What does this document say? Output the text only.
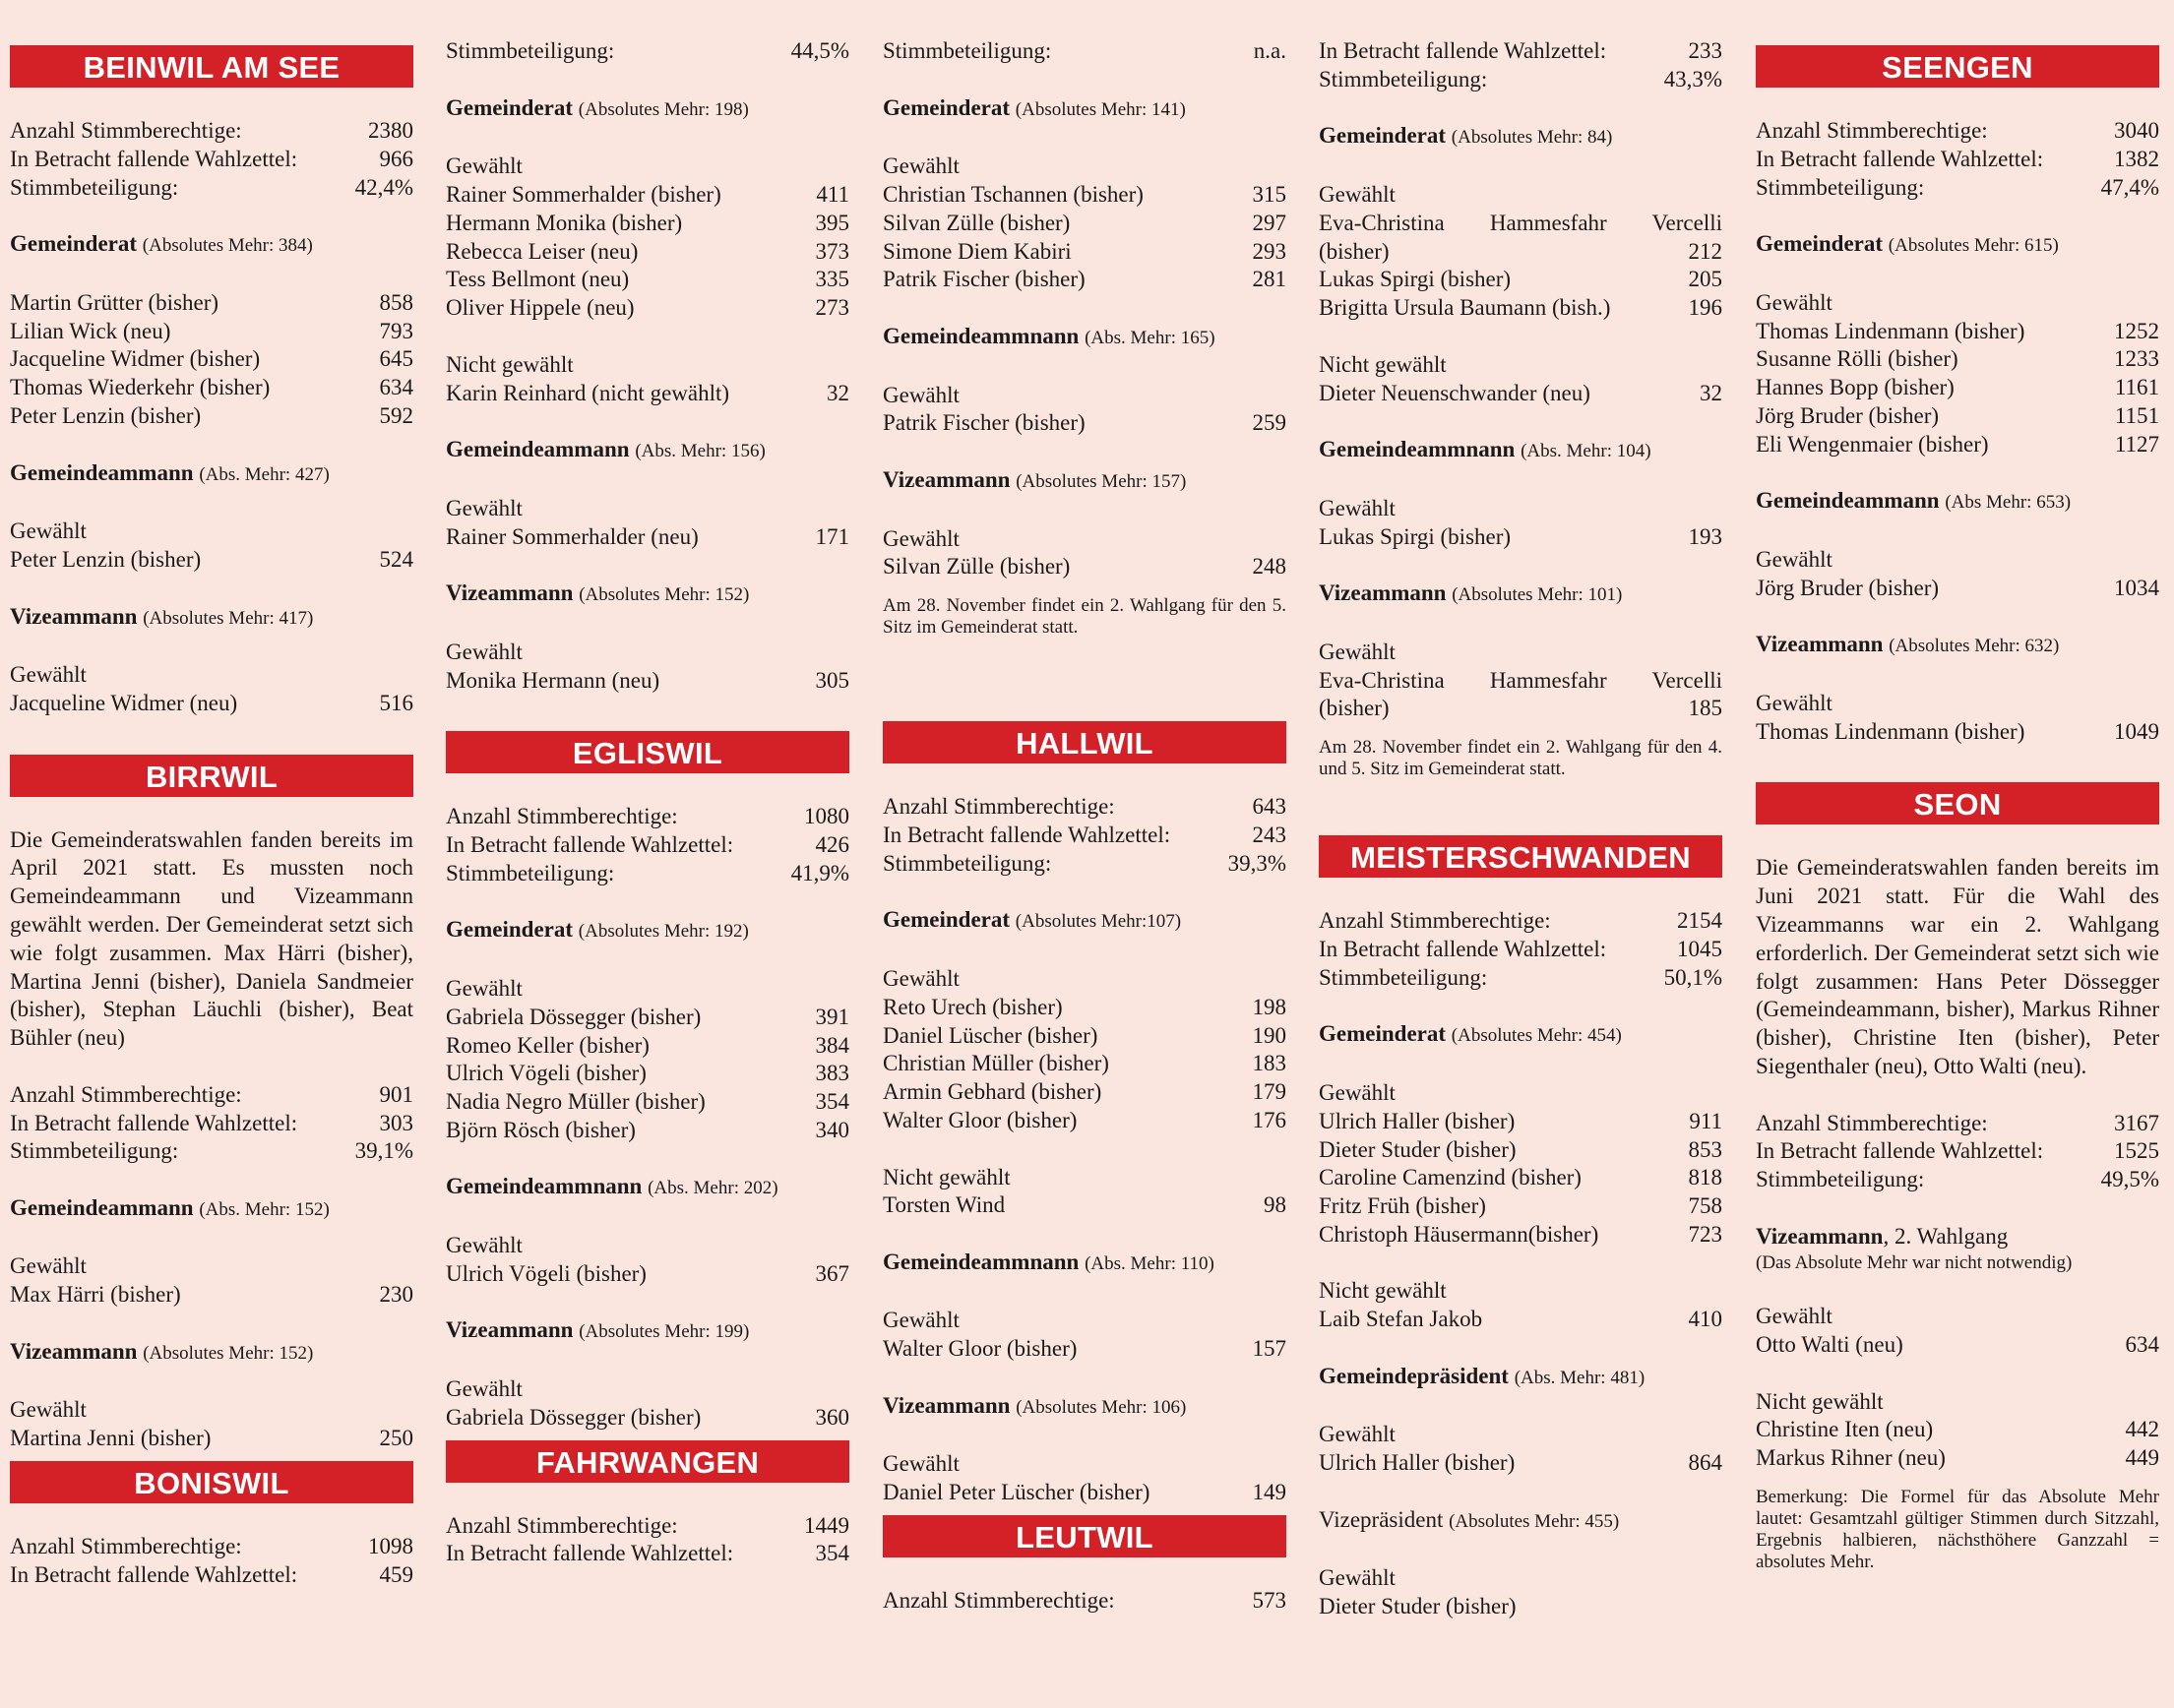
BEINWIL AM SEE
Anzahl Stimmberechtige:	2380
In Betracht fallende Wahlzettel:	966
Stimmbeteiligung:	42,4%
Gemeinderat (Absolutes Mehr: 384)
Martin Grütter (bisher)	858
Lilian Wick (neu)	793
Jacqueline Widmer (bisher)	645
Thomas Wiederkehr (bisher)	634
Peter Lenzin (bisher)	592
Gemeindeammann (Abs. Mehr: 427)
Gewählt
Peter Lenzin (bisher)	524
Vizeammann (Absolutes Mehr: 417)
Gewählt
Jacqueline Widmer (neu)	516
BIRRWIL
Die Gemeinderatswahlen fanden bereits im April 2021 statt. Es mussten noch Gemeindeammann und Vizeammann gewählt werden. Der Gemeinderat setzt sich wie folgt zusammen. Max Härri (bisher), Martina Jenni (bisher), Daniela Sandmeier (bisher), Stephan Läuchli (bisher), Beat Bühler (neu)
Anzahl Stimmberechtige:	901
In Betracht fallende Wahlzettel:	303
Stimmbeteiligung:	39,1%
Gemeindeammann (Abs. Mehr: 152)
Gewählt
Max Härri (bisher)	230
Vizeammann (Absolutes Mehr: 152)
Gewählt
Martina Jenni (bisher)	250
BONISWIL
Anzahl Stimmberechtige:	1098
In Betracht fallende Wahlzettel:	459
Stimmbeteiligung:	44,5%
Gemeinderat (Absolutes Mehr: 198)
Gewählt
Rainer Sommerhalder (bisher)	411
Hermann Monika (bisher)	395
Rebecca Leiser (neu)	373
Tess Bellmont (neu)	335
Oliver Hippele (neu)	273
Nicht gewählt
Karin Reinhard (nicht gewählt)	32
Gemeindeammann (Abs. Mehr: 156)
Gewählt
Rainer Sommerhalder (neu)	171
Vizeammann (Absolutes Mehr: 152)
Gewählt
Monika Hermann (neu)	305
EGLISWIL
Anzahl Stimmberechtige:	1080
In Betracht fallende Wahlzettel:	426
Stimmbeteiligung:	41,9%
Gemeinderat (Absolutes Mehr: 192)
Gewählt
Gabriela Dössegger (bisher)	391
Romeo Keller (bisher)	384
Ulrich Vögeli (bisher)	383
Nadia Negro Müller (bisher)	354
Björn Rösch (bisher)	340
Gemeindeammnann (Abs. Mehr: 202)
Gewählt
Ulrich Vögeli (bisher)	367
Vizeammann (Absolutes Mehr: 199)
Gewählt
Gabriela Dössegger (bisher)	360
FAHRWANGEN
Anzahl Stimmberechtige:	1449
In Betracht fallende Wahlzettel:	354
Stimmbeteiligung:	n.a.
Gemeinderat (Absolutes Mehr: 141)
Gewählt
Christian Tschannen (bisher)	315
Silvan Zülle (bisher)	297
Simone Diem Kabiri	293
Patrik Fischer (bisher)	281
Gemeindeammnann (Abs. Mehr: 165)
Gewählt
Patrik Fischer (bisher)	259
Vizeammann (Absolutes Mehr: 157)
Gewählt
Silvan Zülle (bisher)	248
Am 28. November findet ein 2. Wahlgang für den 5. Sitz im Gemeinderat statt.
HALLWIL
Anzahl Stimmberechtige:	643
In Betracht fallende Wahlzettel:	243
Stimmbeteiligung:	39,3%
Gemeinderat (Absolutes Mehr:107)
Gewählt
Reto Urech (bisher)	198
Daniel Lüscher (bisher)	190
Christian Müller (bisher)	183
Armin Gebhard (bisher)	179
Walter Gloor (bisher)	176
Nicht gewählt
Torsten Wind	98
Gemeindeammnann (Abs. Mehr: 110)
Gewählt
Walter Gloor (bisher)	157
Vizeammann (Absolutes Mehr: 106)
Gewählt
Daniel Peter Lüscher (bisher)	149
LEUTWIL
Anzahl Stimmberechtige:	573
In Betracht fallende Wahlzettel:	233
Stimmbeteiligung:	43,3%
Gemeinderat (Absolutes Mehr: 84)
Gewählt
Eva-Christina Hammesfahr Vercelli
(bisher)	212
Lukas Spirgi (bisher)	205
Brigitta Ursula Baumann (bish.)	196
Nicht gewählt
Dieter Neuenschwander (neu)	32
Gemeindeammnann (Abs. Mehr: 104)
Gewählt
Lukas Spirgi (bisher)	193
Vizeammann (Absolutes Mehr: 101)
Gewählt
Eva-Christina Hammesfahr Vercelli
(bisher)	185
Am 28. November findet ein 2. Wahlgang für den 4. und 5. Sitz im Gemeinderat statt.
MEISTERSCHWANDEN
Anzahl Stimmberechtige:	2154
In Betracht fallende Wahlzettel:	1045
Stimmbeteiligung:	50,1%
Gemeinderat (Absolutes Mehr: 454)
Gewählt
Ulrich Haller (bisher)	911
Dieter Studer (bisher)	853
Caroline Camenzind (bisher)	818
Fritz Früh (bisher)	758
Christoph Häusermann(bisher)	723
Nicht gewählt
Laib Stefan Jakob	410
Gemeindepräsident (Abs. Mehr: 481)
Gewählt
Ulrich Haller (bisher)	864
Vizepräsident (Absolutes Mehr: 455)
Gewählt
Dieter Studer (bisher)
SEENGEN
Anzahl Stimmberechtige:	3040
In Betracht fallende Wahlzettel:	1382
Stimmbeteiligung:	47,4%
Gemeinderat (Absolutes Mehr: 615)
Gewählt
Thomas Lindenmann (bisher)	1252
Susanne Rölli (bisher)	1233
Hannes Bopp (bisher)	1161
Jörg Bruder (bisher)	1151
Eli Wengenmaier (bisher)	1127
Gemeindeammann (Abs Mehr: 653)
Gewählt
Jörg Bruder (bisher)	1034
Vizeammann (Absolutes Mehr: 632)
Gewählt
Thomas Lindenmann (bisher)	1049
SEON
Die Gemeinderatswahlen fanden bereits im Juni 2021 statt. Für die Wahl des Vizeammanns war ein 2. Wahlgang erforderlich. Der Gemeinderat setzt sich wie folgt zusammen: Hans Peter Dössegger (Gemeindeammann, bisher), Markus Rihner (bisher), Christine Iten (bisher), Peter Siegenthaler (neu), Otto Walti (neu).
Anzahl Stimmberechtige:	3167
In Betracht fallende Wahlzettel:	1525
Stimmbeteiligung:	49,5%
Vizeammann, 2. Wahlgang
(Das Absolute Mehr war nicht notwendig)
Gewählt
Otto Walti (neu)	634
Nicht gewählt
Christine Iten (neu)	442
Markus Rihner (neu)	449
Bemerkung: Die Formel für das Absolute Mehr lautet: Gesamtzahl gültiger Stimmen durch Sitzzahl, Ergebnis halbieren, nächsthöhere Ganzzahl = absolutes Mehr.
